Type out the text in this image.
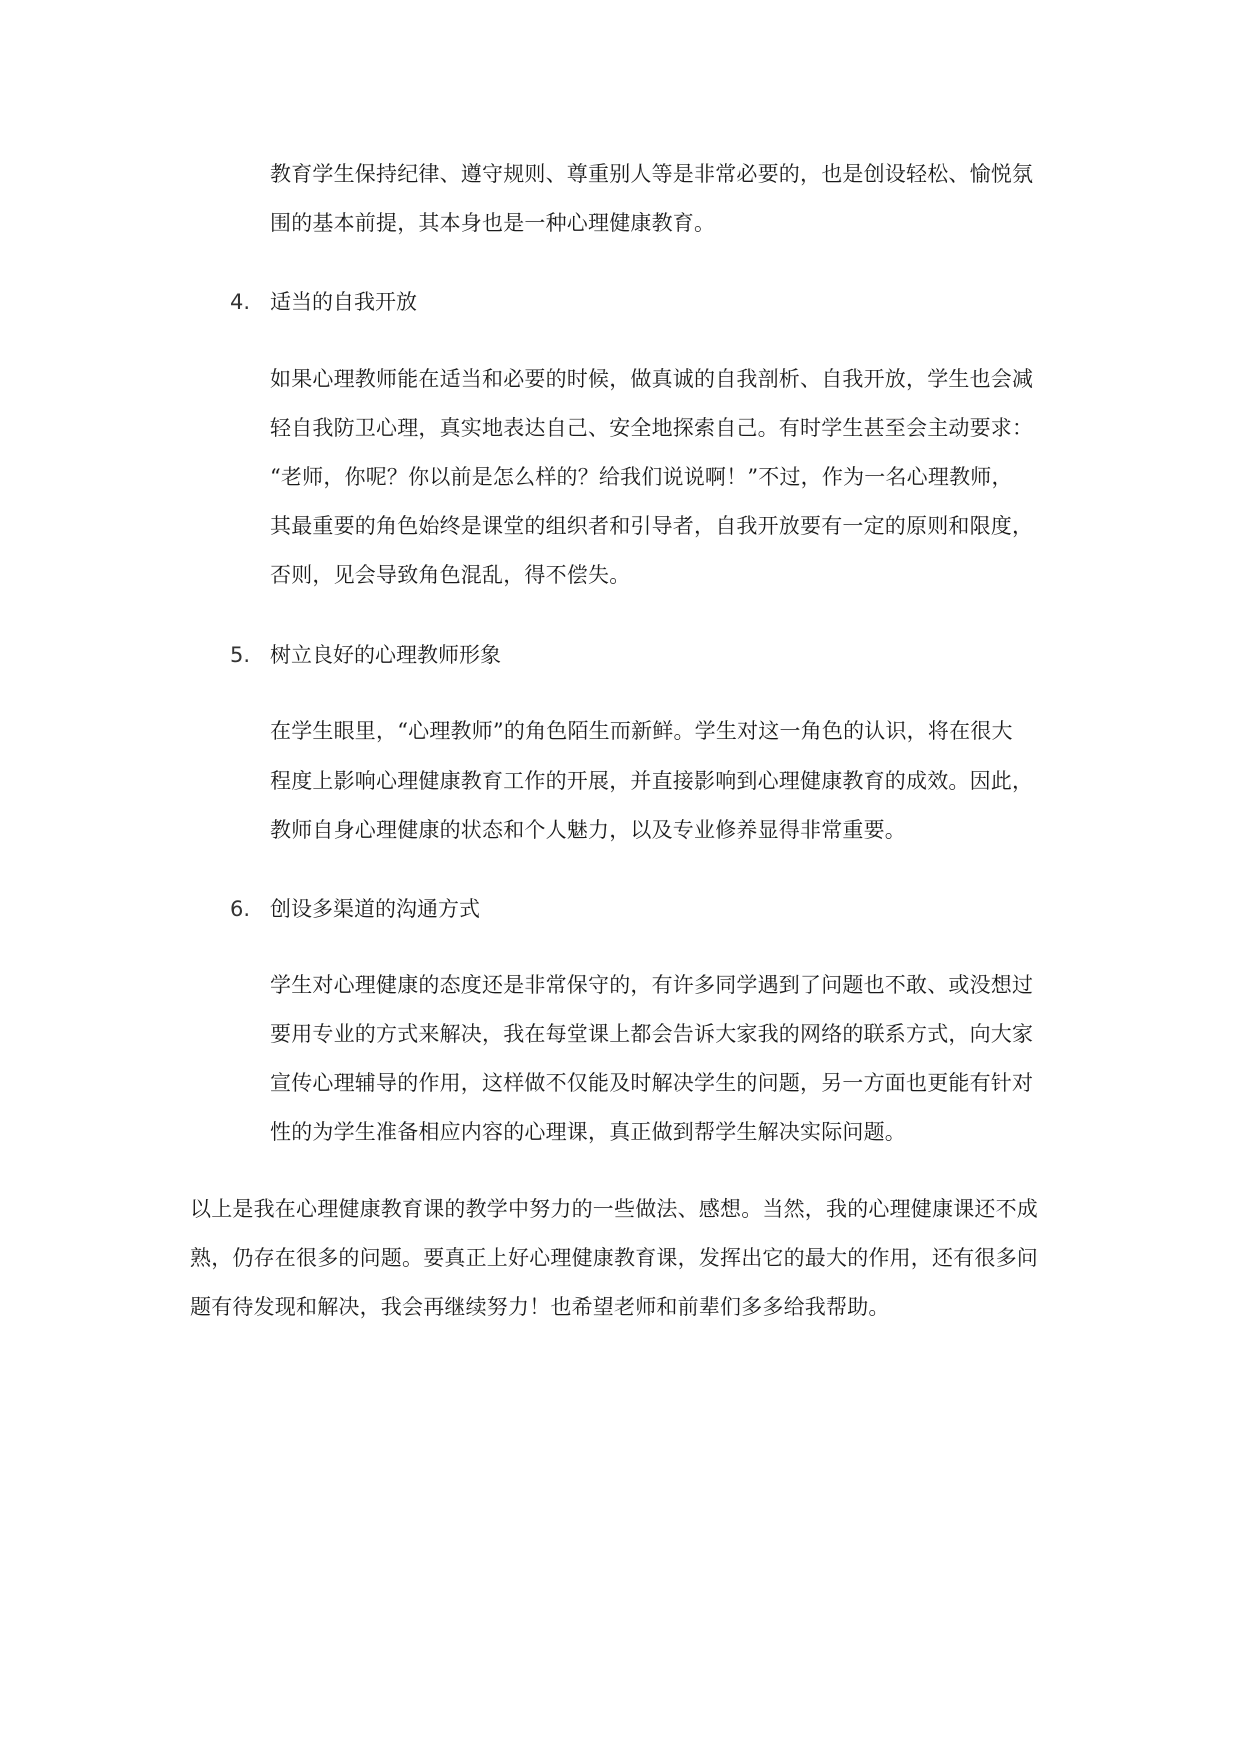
教育学生保持纪律、遵守规则、尊重别人等是非常必要的，也是创设轻松、愉悦氛
围的基本前提，其本身也是一种心理健康教育。
4. 适当的自我开放
如果心理教师能在适当和必要的时候，做真诚的自我剖析、自我开放，学生也会减
轻自我防卫心理，真实地表达自己、安全地探索自己。有时学生甚至会主动要求：
“老师，你呢？你以前是怎么样的？给我们说说啊！”不过，作为一名心理教师，
其最重要的角色始终是课堂的组织者和引导者，自我开放要有一定的原则和限度，
否则，见会导致角色混乱，得不偿失。
5. 树立良好的心理教师形象
在学生眼里，“心理教师”的角色陌生而新鲜。学生对这一角色的认识，将在很大
程度上影响心理健康教育工作的开展，并直接影响到心理健康教育的成效。因此，
教师自身心理健康的状态和个人魅力，以及专业修养显得非常重要。
6. 创设多渠道的沟通方式
学生对心理健康的态度还是非常保守的，有许多同学遇到了问题也不敢、或没想过
要用专业的方式来解决，我在每堂课上都会告诉大家我的网络的联系方式，向大家
宣传心理辅导的作用，这样做不仅能及时解决学生的问题，另一方面也更能有针对
性的为学生准备相应内容的心理课，真正做到帮学生解决实际问题。
以上是我在心理健康教育课的教学中努力的一些做法、感想。当然，我的心理健康课还不成
熟，仍存在很多的问题。要真正上好心理健康教育课，发挥出它的最大的作用，还有很多问
题有待发现和解决，我会再继续努力！也希望老师和前辈们多多给我帮助。
